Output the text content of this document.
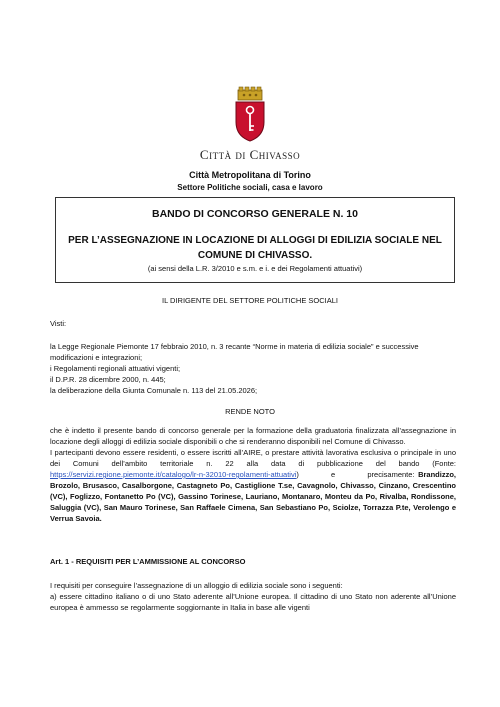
Città di Chivasso
Città Metropolitana di Torino
Settore Politiche sociali, casa e lavoro
BANDO DI CONCORSO GENERALE N. 10
PER L’ASSEGNAZIONE IN LOCAZIONE DI ALLOGGI DI EDILIZIA SOCIALE NEL
COMUNE DI CHIVASSO.
(ai sensi della L.R. 3/2010 e s.m. e i. e dei Regolamenti attuativi)
IL DIRIGENTE DEL SETTORE POLITICHE SOCIALI
Visti:
la Legge Regionale Piemonte 17 febbraio 2010, n. 3 recante “Norme in materia di edilizia sociale” e successive modificazioni e integrazioni;
i Regolamenti regionali attuativi vigenti;
il D.P.R. 28 dicembre 2000, n. 445;
la deliberazione della Giunta Comunale n. 113 del 21.05.2026;
RENDE NOTO

che è indetto il presente bando di concorso generale per la formazione della graduatoria finalizzata all’assegnazione in locazione degli alloggi di edilizia sociale disponibili o che si renderanno disponibili nel Comune di Chivasso.

I partecipanti devono essere residenti, o essere iscritti all’AIRE, o prestare attività lavorativa esclusiva o principale in uno dei Comuni dell’ambito territoriale n. 22 alla data di pubblicazione del bando (Fonte: https://servizi.regione.piemonte.it/catalogo/lr-n-32010-regolamenti-attuativi)         e         precisamente: Brandizzo, Brozolo, Brusasco, Casalborgone, Castagneto Po, Castiglione T.se, Cavagnolo, Chivasso, Cinzano, Crescentino (VC), Foglizzo, Fontanetto Po (VC), Gassino Torinese, Lauriano, Montanaro, Monteu da Po, Rivalba, Rondissone, Saluggia (VC), San Mauro Torinese, San Raffaele Cimena, San Sebastiano Po, Sciolze, Torrazza P.te, Verolengo e Verrua Savoia.

Art. 1 - REQUISITI PER L’AMMISSIONE AL CONCORSO

I requisiti per conseguire l’assegnazione di un alloggio di edilizia sociale sono i seguenti:

a) essere cittadino italiano o di uno Stato aderente all’Unione europea. Il cittadino di uno Stato non aderente all’Unione europea è ammesso se regolarmente soggiornante in Italia in base alle vigenti
